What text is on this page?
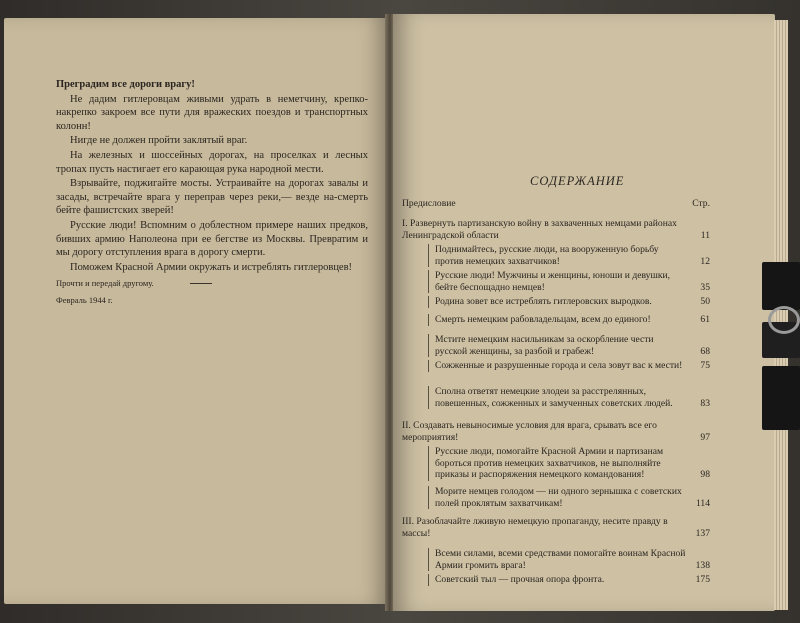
Преградим все дороги врагу!

Не дадим гитлеровцам живыми удрать в неметчину, крепко-накрепко закроем все пути для вражеских поездов и транспортных колонн!

Нигде не должен пройти заклятый враг.

На железных и шоссейных дорогах, на проселках и лесных тропах пусть настигает его карающая рука народной мести.

Взрывайте, поджигайте мосты. Устраивайте на дорогах завалы и засады, встречайте врага у переправ через реки,— везде на-смерть бейте фашистских зверей!

Русские люди! Вспомним о доблестном примере наших предков, бивших армию Наполеона при ее бегстве из Москвы. Превратим и мы дорогу отступления врага в дорогу смерти.

Поможем Красной Армии окружать и истреблять гитлеровцев!

Прочти и передай другому.

Февраль 1944 г.

СОДЕРЖАНИЕ
Предисловие	Стр.
I. Развернуть партизанскую войну в захваченных немцами районах Ленинградской области	11
Поднимайтесь, русские люди, на вооруженную борьбу против немецких захватчиков!	12
Русские люди! Мужчины и женщины, юноши и девушки, бейте беспощадно немцев!	35
Родина зовет все истреблять гитлеровских выродков.	50
Смерть немецким рабовладельцам, всем до единого!	61
Мстите немецким насильникам за оскорбление чести русской женщины, за разбой и грабеж!	68
Сожженные и разрушенные города и села зовут вас к мести! 75
Сполна ответят немецкие злодеи за расстрелянных, повешенных, сожженных и замученных советских людей.	83
II. Создавать невыносимые условия для врага, срывать все его мероприятия!	97
Русские люди, помогайте Красной Армии и партизанам бороться против немецких захватчиков, не выполняйте приказы и распоряжения немецкого командования!	98
Морите немцев голодом — ни одного зернышка с советских полей проклятым захватчикам!	114
III. Разоблачайте лживую немецкую пропаганду, несите правду в массы!	137
Всеми силами, всеми средствами помогайте воинам Красной Армии громить врага!	138
Советский тыл — прочная опора фронта.	175
